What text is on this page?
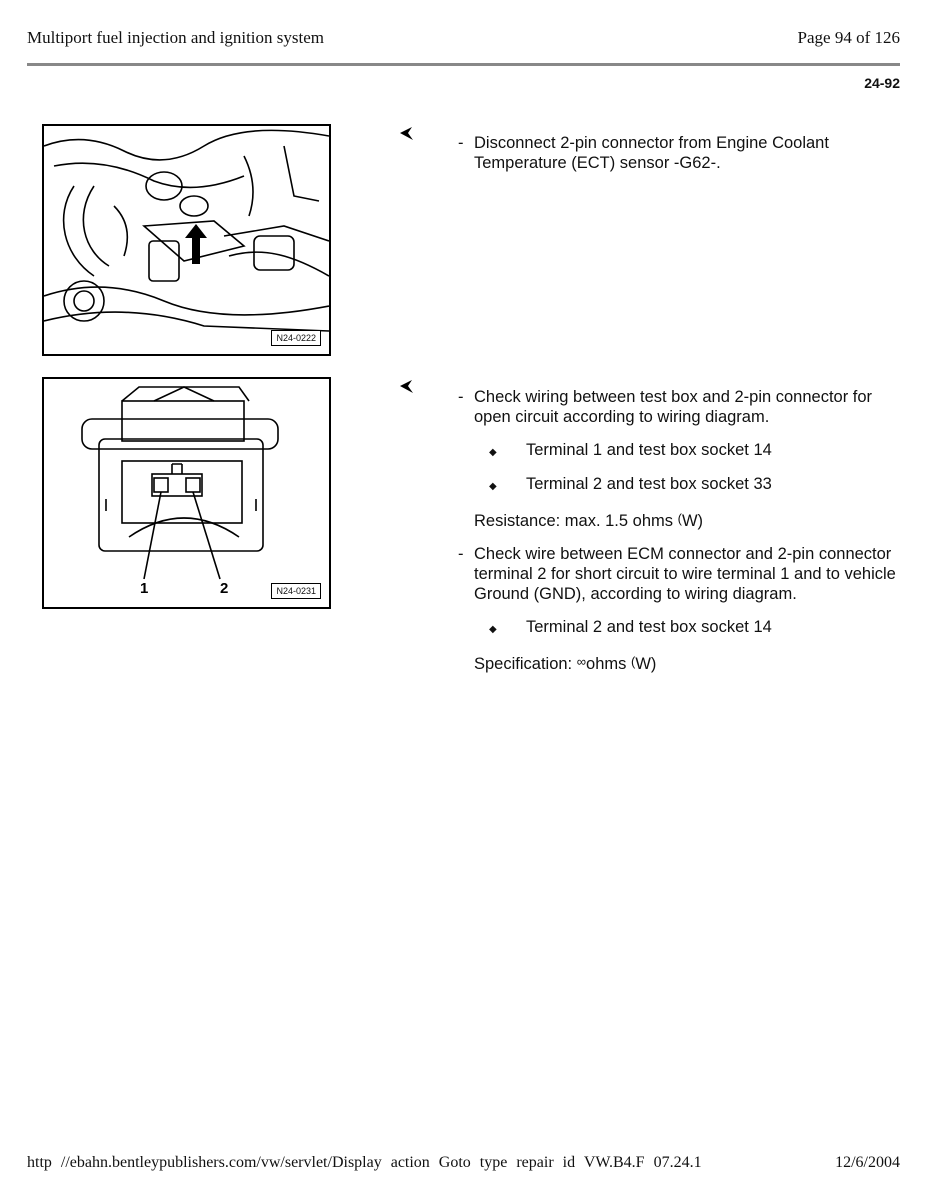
Multiport fuel injection and ignition system	Page 94 of 126
24-92
N24-0222
1	2	N24-0231
- Disconnect 2-pin connector from Engine Coolant Temperature (ECT) sensor -G62-.
- Check wiring between test box and 2-pin connector for open circuit according to wiring diagram.
◆ Terminal 1 and test box socket 14
◆ Terminal 2 and test box socket 33
Resistance: max. 1.5 ohms (W)
- Check wire between ECM connector and 2-pin connector terminal 2 for short circuit to wire terminal 1 and to vehicle Ground (GND), according to wiring diagram.
◆ Terminal 2 and test box socket 14
Specification: ∞ohms (W)
http //ebahn.bentleypublishers.com/vw/servlet/Display action Goto type repair id VW.B4.F 07.24.1	12/6/2004
